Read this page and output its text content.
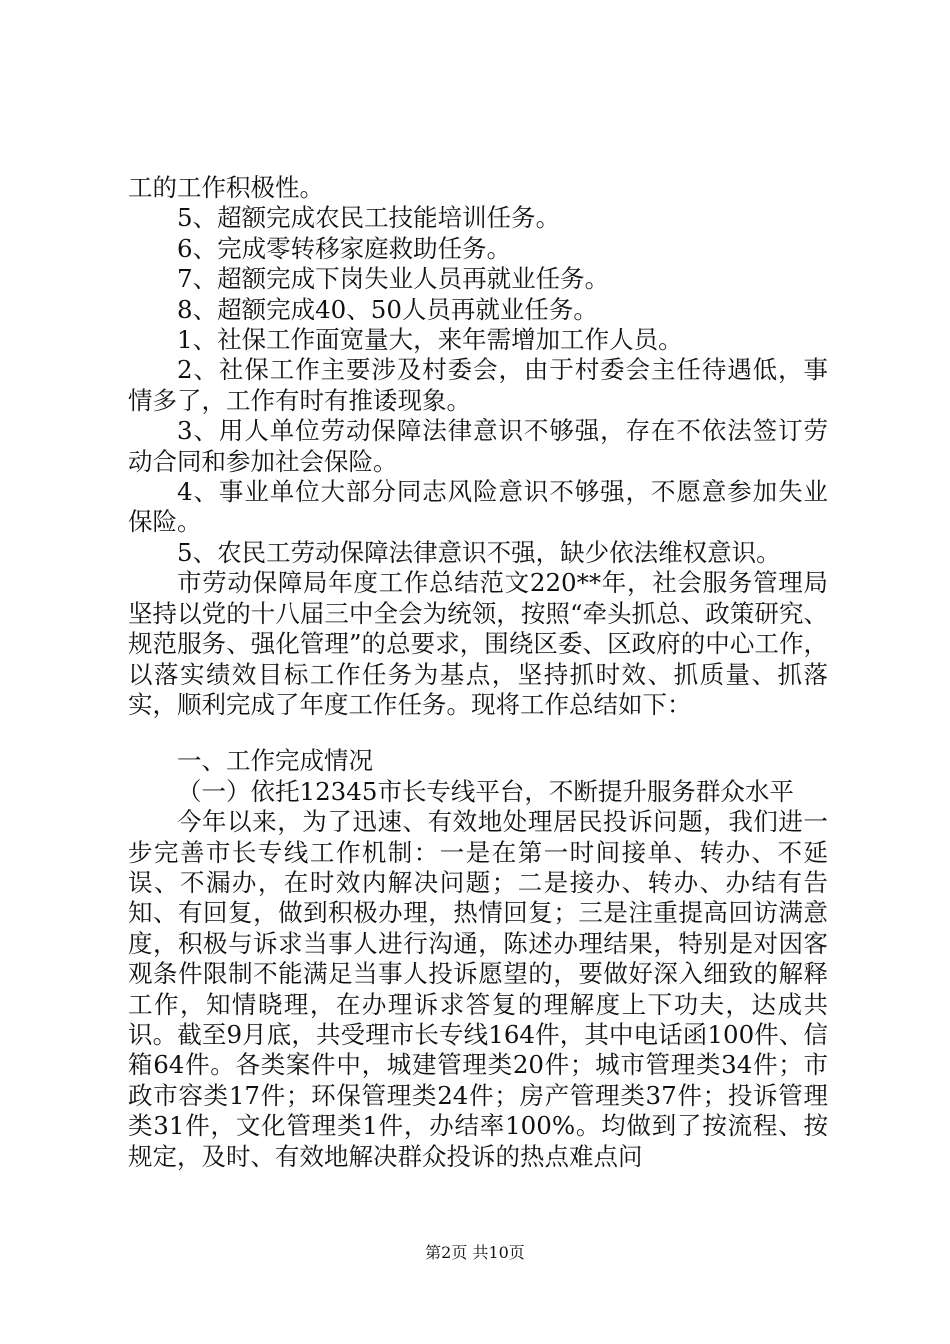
工的工作积极性。

5、超额完成农民工技能培训任务。

6、完成零转移家庭救助任务。

7、超额完成下岗失业人员再就业任务。

8、超额完成40、50人员再就业任务。

1、社保工作面宽量大，来年需增加工作人员。

2、社保工作主要涉及村委会，由于村委会主任待遇低，事情多了，工作有时有推诿现象。

3、用人单位劳动保障法律意识不够强，存在不依法签订劳动合同和参加社会保险。

4、事业单位大部分同志风险意识不够强，不愿意参加失业保险。

5、农民工劳动保障法律意识不强，缺少依法维权意识。

市劳动保障局年度工作总结范文220**年，社会服务管理局坚持以党的十八届三中全会为统领，按照“牵头抓总、政策研究、规范服务、强化管理”的总要求，围绕区委、区政府的中心工作，以落实绩效目标工作任务为基点，坚持抓时效、抓质量、抓落实，顺利完成了年度工作任务。现将工作总结如下：

一、工作完成情况

（一）依托12345市长专线平台，不断提升服务群众水平

今年以来，为了迅速、有效地处理居民投诉问题，我们进一步完善市长专线工作机制：一是在第一时间接单、转办、不延误、不漏办，在时效内解决问题；二是接办、转办、办结有告知、有回复，做到积极办理，热情回复；三是注重提高回访满意度，积极与诉求当事人进行沟通，陈述办理结果，特别是对因客观条件限制不能满足当事人投诉愿望的，要做好深入细致的解释工作，知情晓理，在办理诉求答复的理解度上下功夫，达成共识。截至9月底，共受理市长专线164件，其中电话函100件、信箱64件。各类案件中，城建管理类20件；城市管理类34件；市政市容类17件；环保管理类24件；房产管理类37件；投诉管理类31件，文化管理类1件，办结率100%。均做到了按流程、按规定，及时、有效地解决群众投诉的热点难点问

第2页 共10页
